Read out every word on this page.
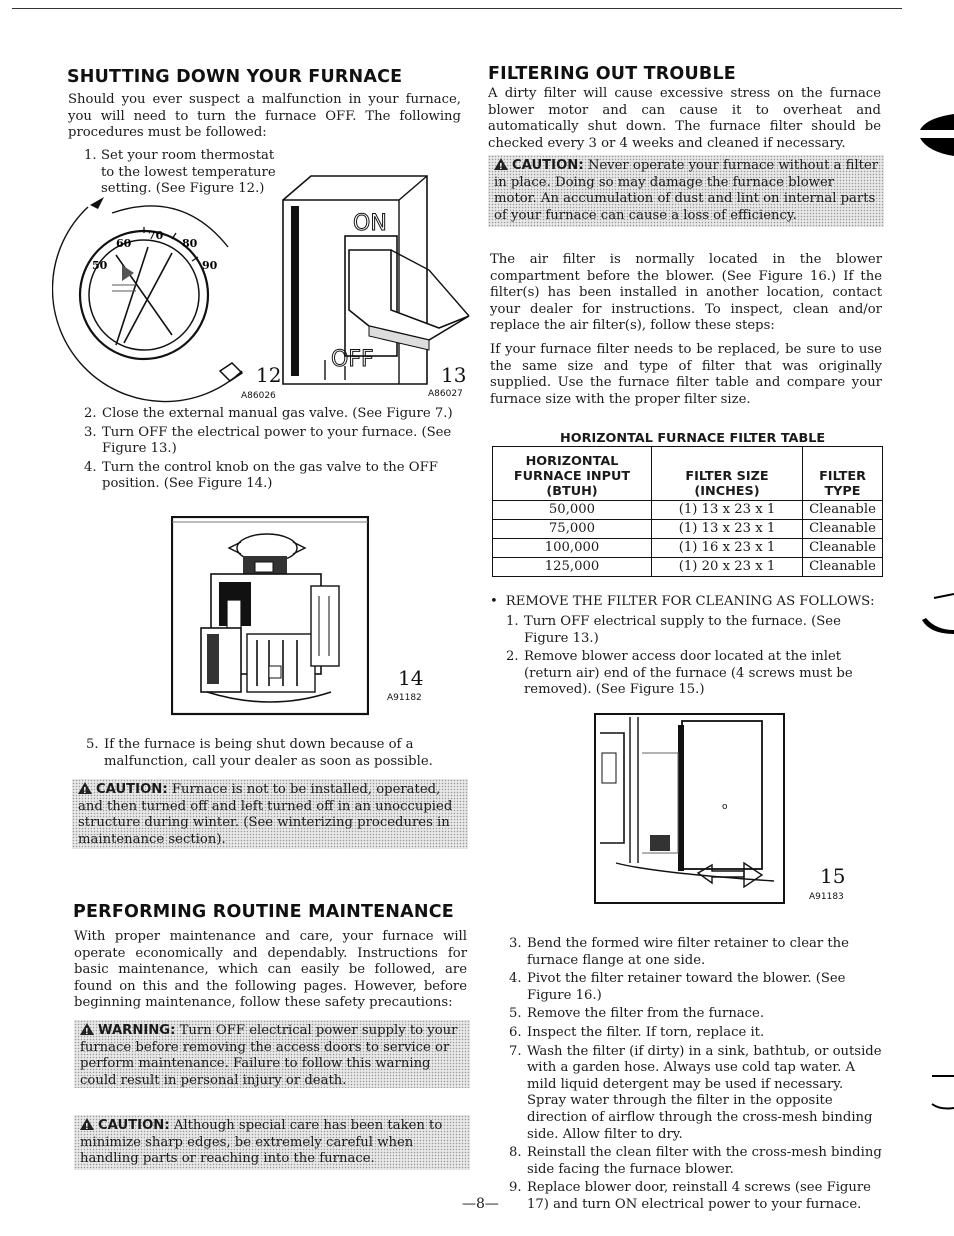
SHUTTING DOWN YOUR FURNACE

Should you ever suspect a malfunction in your furnace, you will need to turn the furnace OFF. The following procedures must be followed:

1. Set your room thermostat to the lowest temperature setting. (See Figure 12.)
70
60	80
50	90
12
A86026
ON
OFF
13
A86027
2. Close the external manual gas valve. (See Figure 7.)
3. Turn OFF the electrical power to your furnace. (See Figure 13.)
4. Turn the control knob on the gas valve to the OFF position. (See Figure 14.)
14
A91182
5. If the furnace is being shut down because of a malfunction, call your dealer as soon as possible.
!CAUTION: Furnace is not to be installed, operated, and then turned off and left turned off in an unoccupied structure during winter. (See winterizing procedures in maintenance section).
PERFORMING ROUTINE MAINTENANCE

With proper maintenance and care, your furnace will operate economically and dependably. Instructions for basic maintenance, which can easily be followed, are found on this and the following pages. However, before beginning maintenance, follow these safety precautions:

!WARNING: Turn OFF electrical power supply to your furnace before removing the access doors to service or perform maintenance. Failure to follow this warning could result in personal injury or death.
!CAUTION: Although special care has been taken to minimize sharp edges, be extremely careful when handling parts or reaching into the furnace.
FILTERING OUT TROUBLE

A dirty filter will cause excessive stress on the furnace blower motor and can cause it to overheat and automatically shut down. The furnace filter should be checked every 3 or 4 weeks and cleaned if necessary.

!CAUTION: Never operate your furnace without a filter in place. Doing so may damage the furnace blower motor. An accumulation of dust and lint on internal parts of your furnace can cause a loss of efficiency.

The air filter is normally located in the blower compartment before the blower. (See Figure 16.) If the filter(s) has been installed in another location, contact your dealer for instructions. To inspect, clean and/or replace the air filter(s), follow these steps:

If your furnace filter needs to be replaced, be sure to use the same size and type of filter that was originally supplied. Use the furnace filter table and compare your furnace size with the proper filter size.

HORIZONTAL FURNACE FILTER TABLE
HORIZONTAL FURNACE INPUT (BTUH)	FILTER SIZE (INCHES)	FILTER TYPE
50,000	(1) 13 x 23 x 1	Cleanable
75,000	(1) 13 x 23 x 1	Cleanable
100,000	(1) 16 x 23 x 1	Cleanable
125,000	(1) 20 x 23 x 1	Cleanable
• REMOVE THE FILTER FOR CLEANING AS FOLLOWS:
1. Turn OFF electrical supply to the furnace. (See Figure 13.)
2. Remove blower access door located at the inlet (return air) end of the furnace (4 screws must be removed). (See Figure 15.)
o
15
A91183
3. Bend the formed wire filter retainer to clear the furnace flange at one side.
4. Pivot the filter retainer toward the blower. (See Figure 16.)
5. Remove the filter from the furnace.
6. Inspect the filter. If torn, replace it.
7. Wash the filter (if dirty) in a sink, bathtub, or outside with a garden hose. Always use cold tap water. A mild liquid detergent may be used if necessary. Spray water through the filter in the opposite direction of airflow through the cross-mesh binding side. Allow filter to dry.
8. Reinstall the clean filter with the cross-mesh binding side facing the furnace blower.
9. Replace blower door, reinstall 4 screws (see Figure 17) and turn ON electrical power to your furnace.
—8—
